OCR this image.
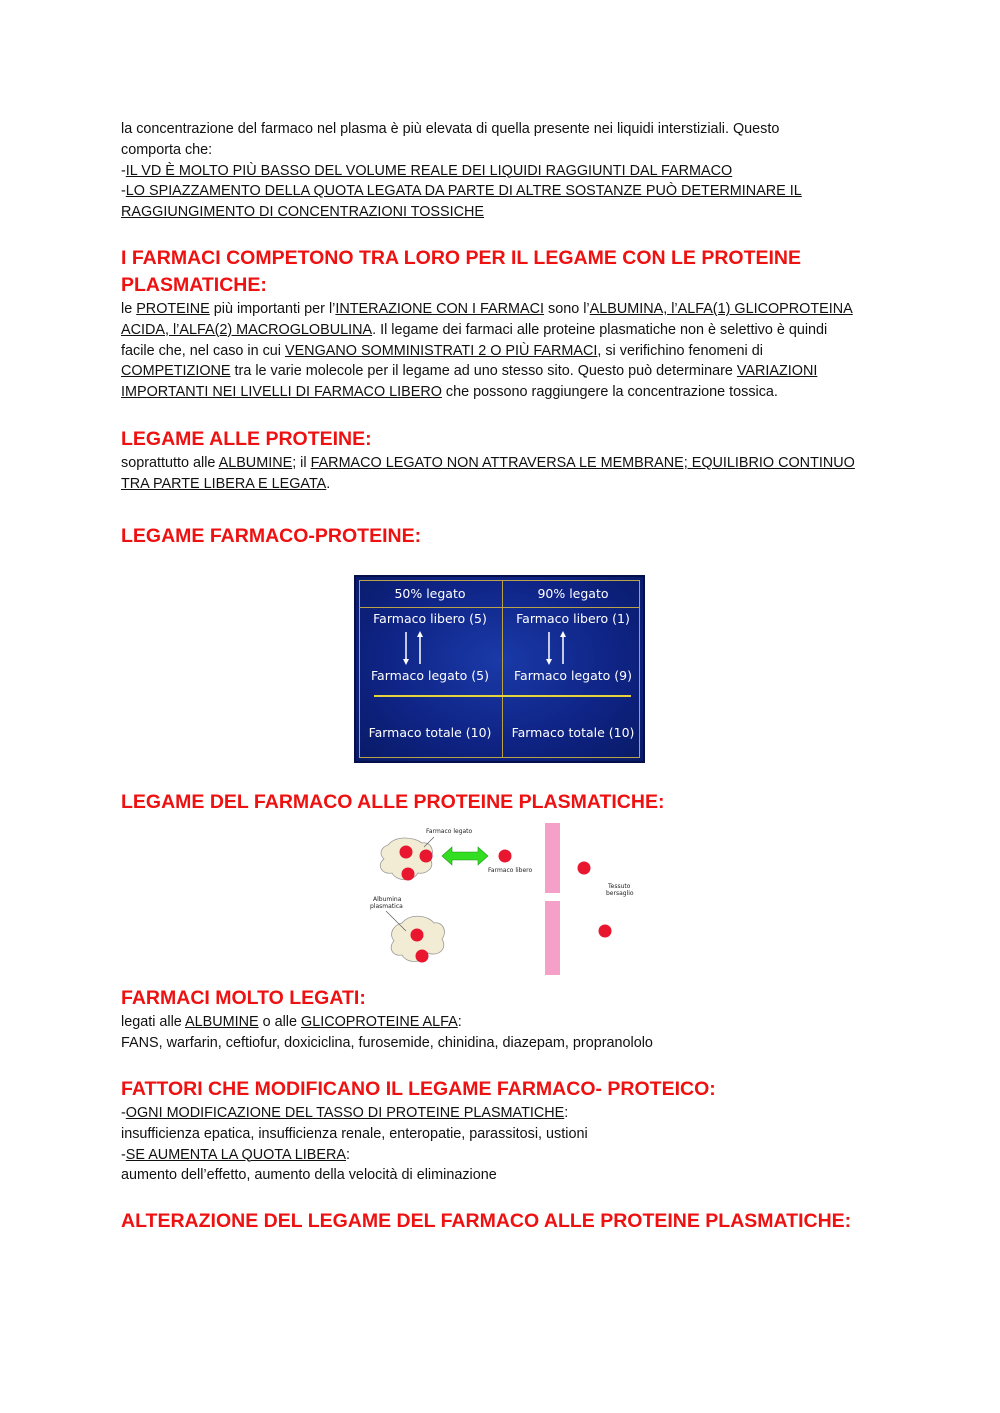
la concentrazione del farmaco nel plasma è più elevata di quella presente nei liquidi interstiziali. Questo

comporta che:

-IL VD È MOLTO PIÙ BASSO DEL VOLUME REALE DEI LIQUIDI RAGGIUNTI DAL FARMACO

-LO SPIAZZAMENTO DELLA QUOTA LEGATA DA PARTE DI ALTRE SOSTANZE PUÒ DETERMINARE IL

RAGGIUNGIMENTO DI CONCENTRAZIONI TOSSICHE

I FARMACI COMPETONO TRA LORO PER IL LEGAME CON LE PROTEINE
PLASMATICHE:

le PROTEINE più importanti per l’INTERAZIONE CON I FARMACI sono l’ALBUMINA, l’ALFA(1) GLICOPROTEINA

ACIDA, l’ALFA(2) MACROGLOBULINA. Il legame dei farmaci alle proteine plasmatiche non è selettivo è quindi

facile che, nel caso in cui VENGANO SOMMINISTRATI 2 O PIÙ FARMACI, si verifichino fenomeni di

COMPETIZIONE tra le varie molecole per il legame ad uno stesso sito. Questo può determinare VARIAZIONI

IMPORTANTI NEI LIVELLI DI FARMACO LIBERO che possono raggiungere la concentrazione tossica.

LEGAME ALLE PROTEINE:

soprattutto alle ALBUMINE; il FARMACO LEGATO NON ATTRAVERSA LE MEMBRANE; EQUILIBRIO CONTINUO

TRA PARTE LIBERA E LEGATA.

LEGAME FARMACO-PROTEINE:
50% legato	90% legato
Farmaco libero (5)	Farmaco libero (1)
Farmaco legato (5)	Farmaco legato (9)
Farmaco totale (10)	Farmaco totale (10)
LEGAME DEL FARMACO ALLE PROTEINE PLASMATICHE:
Farmaco legato
Farmaco libero
Albumina
plasmatica
Tessuto
bersaglio
FARMACI MOLTO LEGATI:

legati alle ALBUMINE o alle GLICOPROTEINE ALFA:

FANS, warfarin, ceftiofur, doxiciclina, furosemide, chinidina, diazepam, propranololo

FATTORI CHE MODIFICANO IL LEGAME FARMACO- PROTEICO:

-OGNI MODIFICAZIONE DEL TASSO DI PROTEINE PLASMATICHE:

insufficienza epatica, insufficienza renale, enteropatie, parassitosi, ustioni

-SE AUMENTA LA QUOTA LIBERA:

aumento dell’effetto, aumento della velocità di eliminazione

ALTERAZIONE DEL LEGAME DEL FARMACO ALLE PROTEINE PLASMATICHE:
